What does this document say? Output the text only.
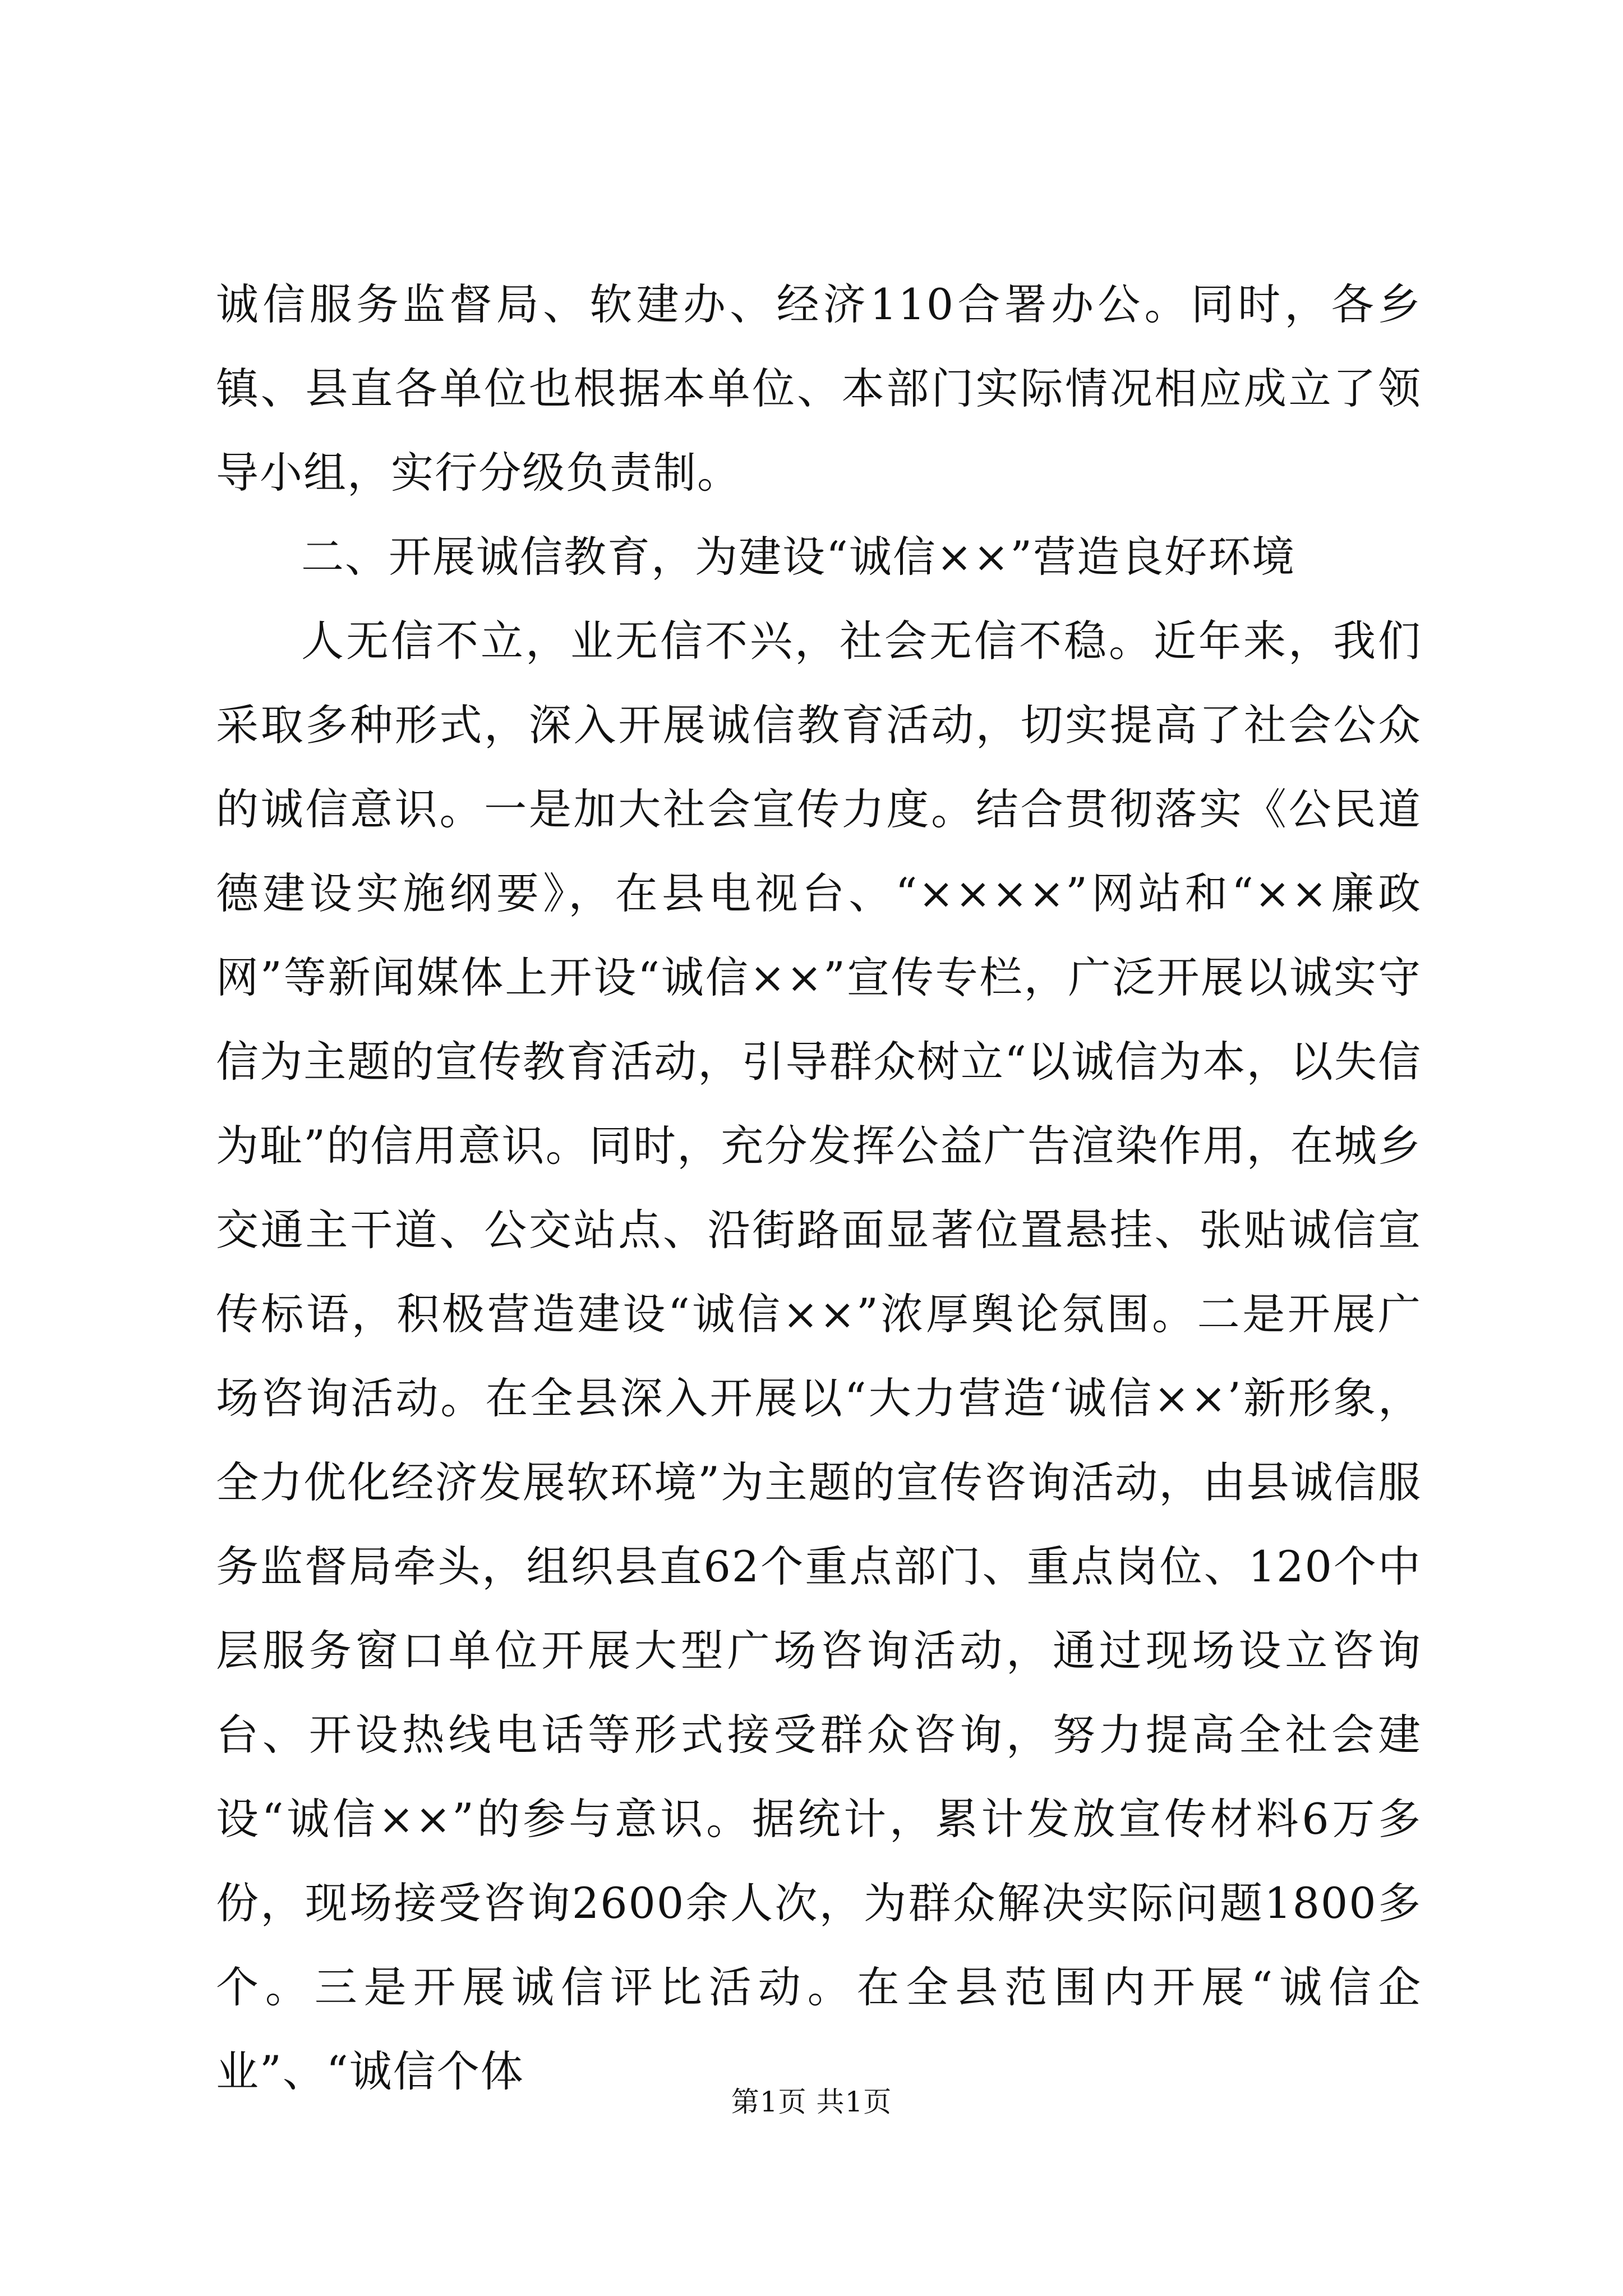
诚信服务监督局、软建办、经济110合署办公。同时，各乡镇、县直各单位也根据本单位、本部门实际情况相应成立了领导小组，实行分级负责制。

二、开展诚信教育，为建设“诚信××”营造良好环境

人无信不立，业无信不兴，社会无信不稳。近年来，我们采取多种形式，深入开展诚信教育活动，切实提高了社会公众的诚信意识。一是加大社会宣传力度。结合贯彻落实《公民道德建设实施纲要》，在县电视台、“××××”网站和“××廉政网”等新闻媒体上开设“诚信××”宣传专栏，广泛开展以诚实守信为主题的宣传教育活动，引导群众树立“以诚信为本，以失信为耻”的信用意识。同时，充分发挥公益广告渲染作用，在城乡交通主干道、公交站点、沿街路面显著位置悬挂、张贴诚信宣传标语，积极营造建设“诚信××”浓厚舆论氛围。二是开展广场咨询活动。在全县深入开展以“大力营造‘诚信××’新形象，全力优化经济发展软环境”为主题的宣传咨询活动，由县诚信服务监督局牵头，组织县直62个重点部门、重点岗位、120个中层服务窗口单位开展大型广场咨询活动，通过现场设立咨询台、开设热线电话等形式接受群众咨询，努力提高全社会建设“诚信××”的参与意识。据统计，累计发放宣传材料6万多份，现场接受咨询2600余人次，为群众解决实际问题1800多个。三是开展诚信评比活动。在全县范围内开展“诚信企业”、“诚信个体

第1页 共1页
